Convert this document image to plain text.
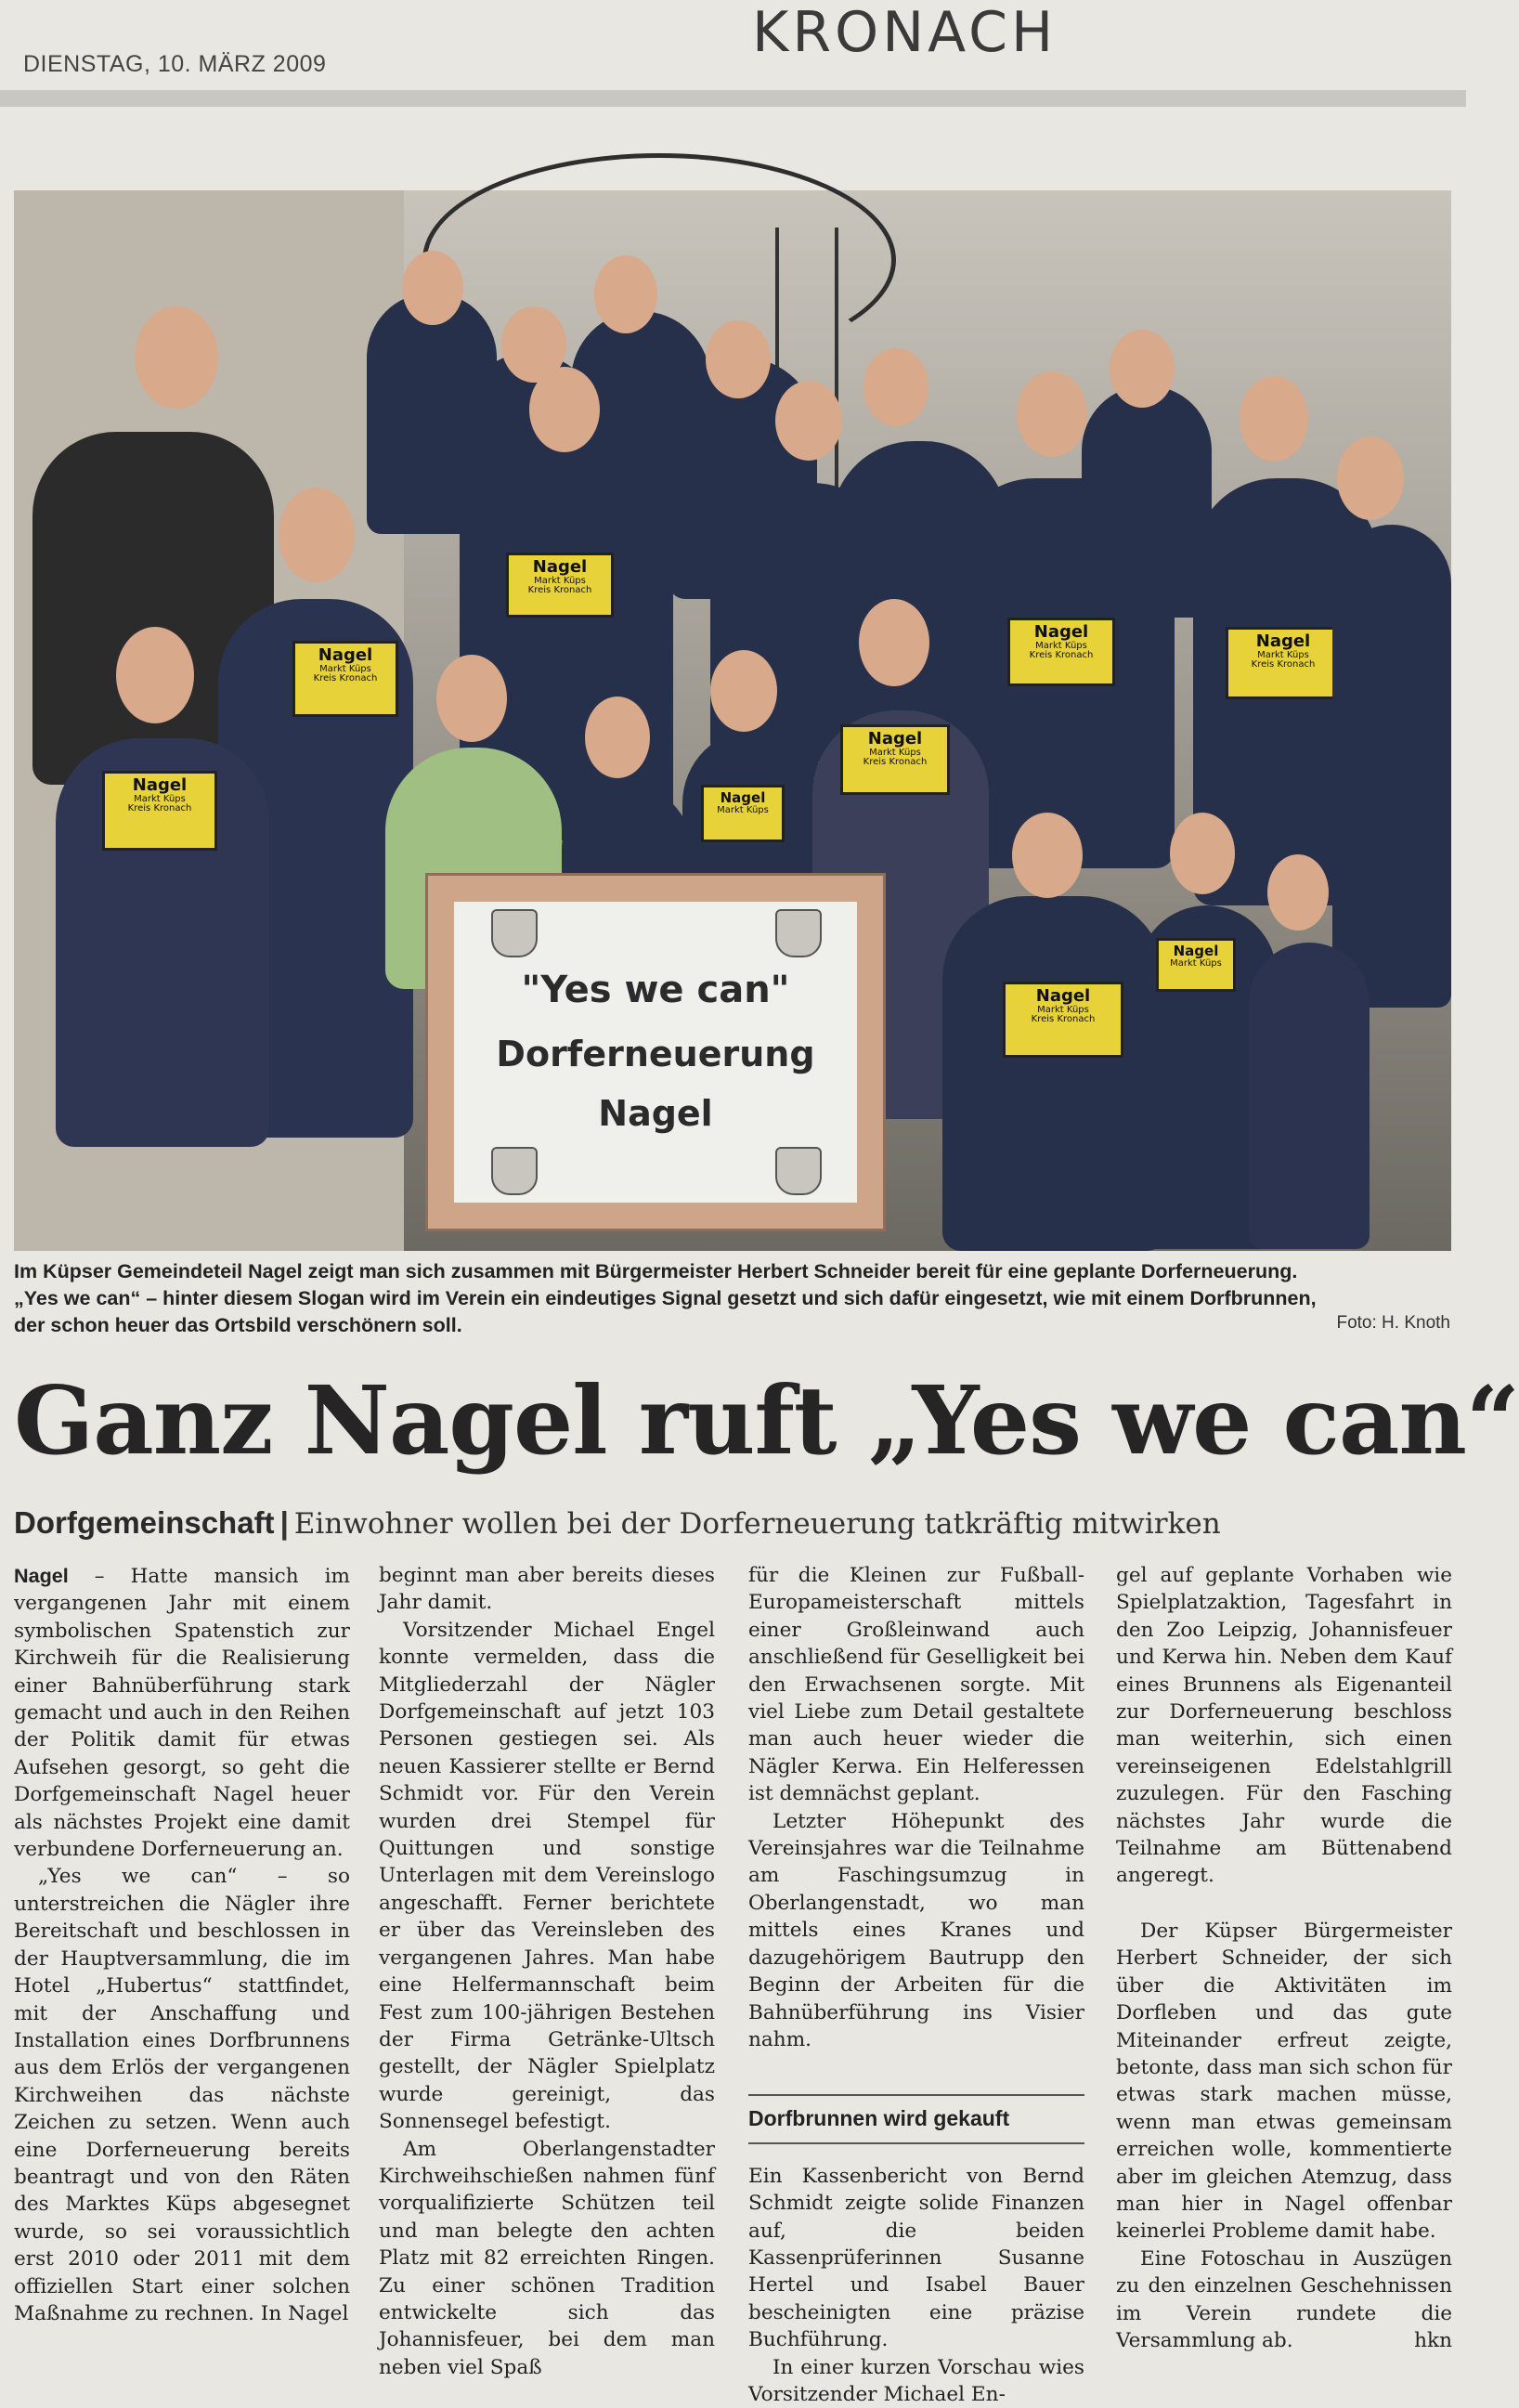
DIENSTAG, 10. MÄRZ 2009	KRONACH
Nagel
Markt Küps
Kreis Kronach
Nagel
Markt Küps
Kreis Kronach
Nagel
Markt Küps
Kreis Kronach
Nagel
Markt Küps
Kreis Kronach
Nagel
Markt Küps
Kreis Kronach
Nagel
Markt Küps
Nagel
Markt Küps
Kreis Kronach
Nagel
Markt Küps
Kreis Kronach
Nagel
Markt Küps
"Yes we can"
Dorferneuerung
Nagel
Im Küpser Gemeindeteil Nagel zeigt man sich zusammen mit Bürgermeister Herbert Schneider bereit für eine geplante Dorferneuerung.
„Yes we can“ – hinter diesem Slogan wird im Verein ein eindeutiges Signal gesetzt und sich dafür eingesetzt, wie mit einem Dorfbrunnen,
der schon heuer das Ortsbild verschönern soll.	Foto: H. Knoth
Ganz Nagel ruft „Yes we can“
Dorfgemeinschaft | Einwohner wollen bei der Dorferneuerung tatkräftig mitwirken

Nagel – Hatte mansich im vergangenen Jahr mit einem symbolischen Spatenstich zur Kirchweih für die Realisierung einer Bahnüberführung stark gemacht und auch in den Reihen der Politik damit für etwas Aufsehen gesorgt, so geht die Dorfgemeinschaft Nagel heuer als nächstes Projekt eine damit verbundene Dorferneuerung an.

„Yes we can“ – so unterstreichen die Nägler ihre Bereitschaft und beschlossen in der Hauptversammlung, die im Hotel „Hubertus“ stattfindet, mit der Anschaffung und Installation eines Dorfbrunnens aus dem Erlös der vergangenen Kirchweihen das nächste Zeichen zu setzen. Wenn auch eine Dorferneuerung bereits beantragt und von den Räten des Marktes Küps abgesegnet wurde, so sei voraussichtlich erst 2010 oder 2011 mit dem offiziellen Start einer solchen Maßnahme zu rechnen. In Nagel

beginnt man aber bereits dieses Jahr damit.

Vorsitzender Michael Engel konnte vermelden, dass die Mitgliederzahl der Nägler Dorfgemeinschaft auf jetzt 103 Personen gestiegen sei. Als neuen Kassierer stellte er Bernd Schmidt vor. Für den Verein wurden drei Stempel für Quittungen und sonstige Unterlagen mit dem Vereinslogo angeschafft. Ferner berichtete er über das Vereinsleben des vergangenen Jahres. Man habe eine Helfermannschaft beim Fest zum 100-jährigen Bestehen der Firma Getränke-Ultsch gestellt, der Nägler Spielplatz wurde gereinigt, das Sonnensegel befestigt.

Am Oberlangenstadter Kirchweihschießen nahmen fünf vorqualifizierte Schützen teil und man belegte den achten Platz mit 82 erreichten Ringen. Zu einer schönen Tradition entwickelte sich das Johannisfeuer, bei dem man neben viel Spaß

für die Kleinen zur Fußball-Europameisterschaft mittels einer Großleinwand auch anschließend für Geselligkeit bei den Erwachsenen sorgte. Mit viel Liebe zum Detail gestaltete man auch heuer wieder die Nägler Kerwa. Ein Helferessen ist demnächst geplant.

Letzter Höhepunkt des Vereinsjahres war die Teilnahme am Faschingsumzug in Oberlangenstadt, wo man mittels eines Kranes und dazugehörigem Bautrupp den Beginn der Arbeiten für die Bahnüberführung ins Visier nahm.

Dorfbrunnen wird gekauft

Ein Kassenbericht von Bernd Schmidt zeigte solide Finanzen auf, die beiden Kassenprüferinnen Susanne Hertel und Isabel Bauer bescheinigten eine präzise Buchführung.

In einer kurzen Vorschau wies Vorsitzender Michael En-

gel auf geplante Vorhaben wie Spielplatzaktion, Tagesfahrt in den Zoo Leipzig, Johannisfeuer und Kerwa hin. Neben dem Kauf eines Brunnens als Eigenanteil zur Dorferneuerung beschloss man weiterhin, sich einen vereinseigenen Edelstahlgrill zuzulegen. Für den Fasching nächstes Jahr wurde die Teilnahme am Büttenabend angeregt.

Der Küpser Bürgermeister Herbert Schneider, der sich über die Aktivitäten im Dorfleben und das gute Miteinander erfreut zeigte, betonte, dass man sich schon für etwas stark machen müsse, wenn man etwas gemeinsam erreichen wolle, kommentierte aber im gleichen Atemzug, dass man hier in Nagel offenbar keinerlei Probleme damit habe.

Eine Fotoschau in Auszügen zu den einzelnen Geschehnissen im Verein rundete die Versammlung ab.	hkn
